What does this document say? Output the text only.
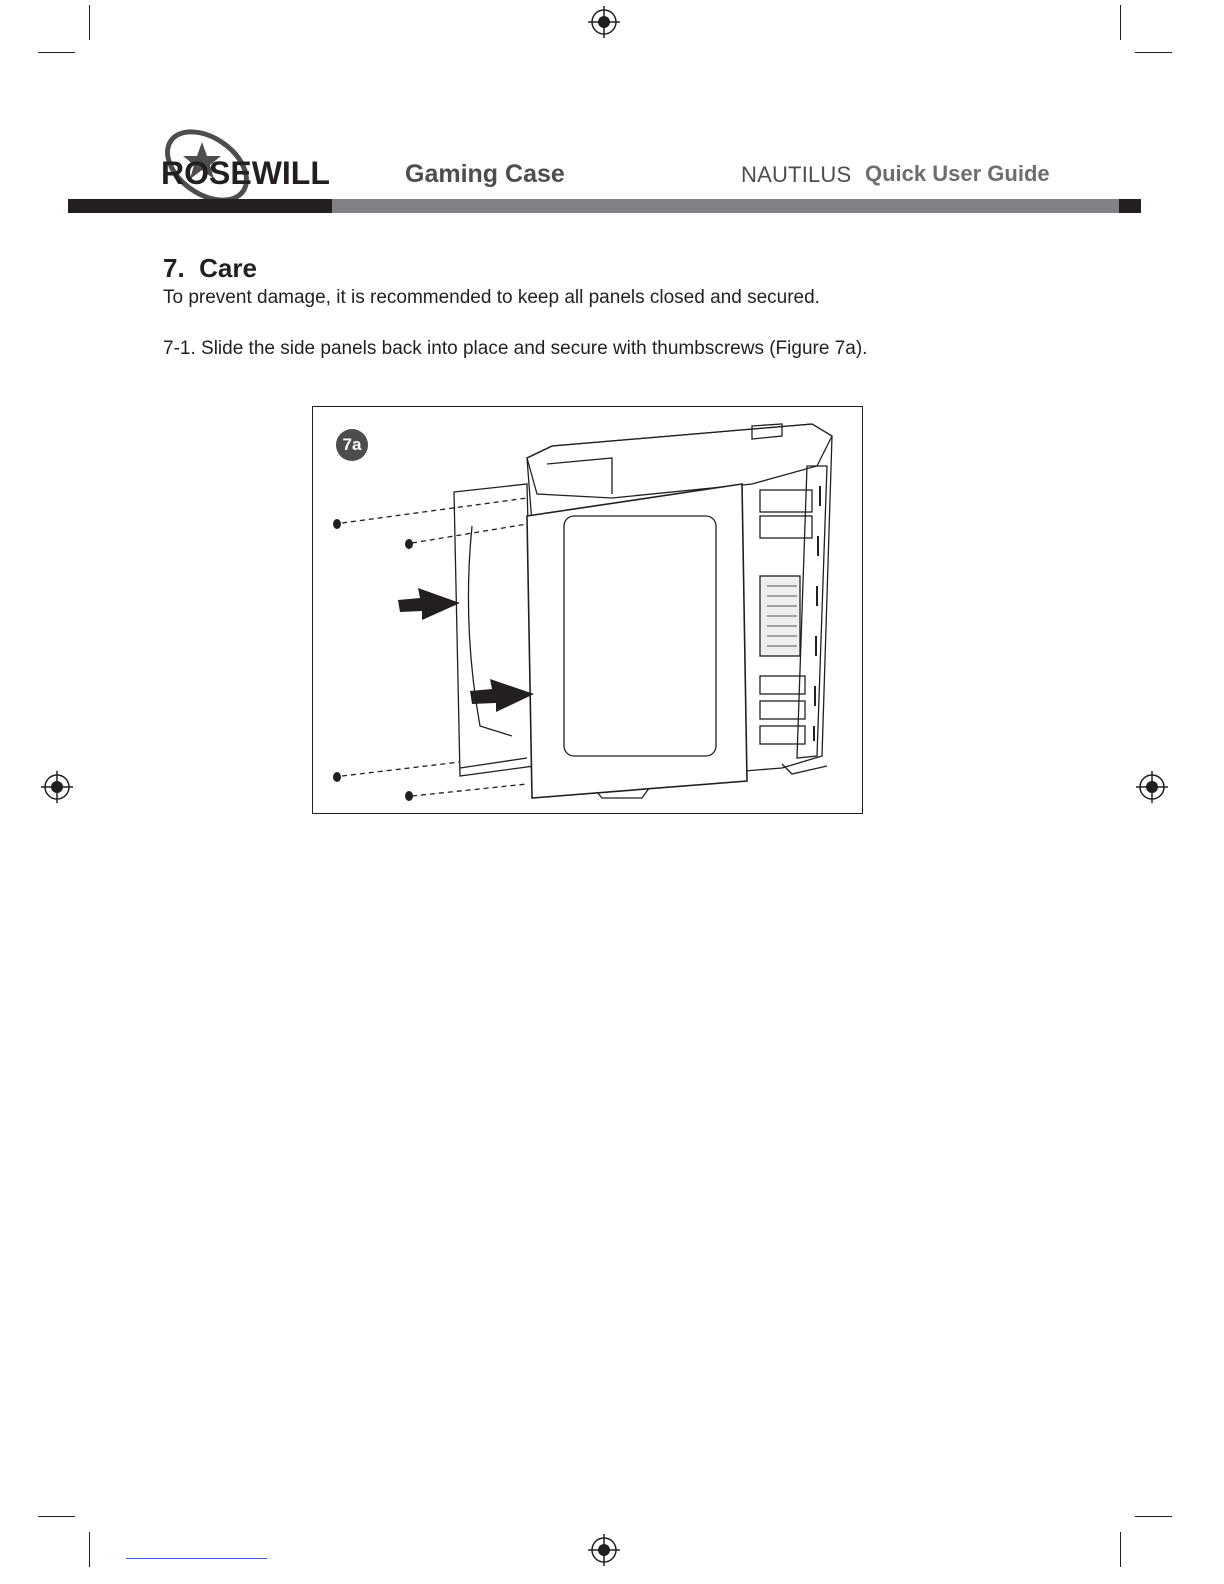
ROSEWILL	Gaming Case	NAUTILUS Quick User Guide
7.  Care
To prevent damage, it is recommended to keep all panels closed and secured.
7-1. Slide the side panels back into place and secure with thumbscrews (Figure 7a).
7a
